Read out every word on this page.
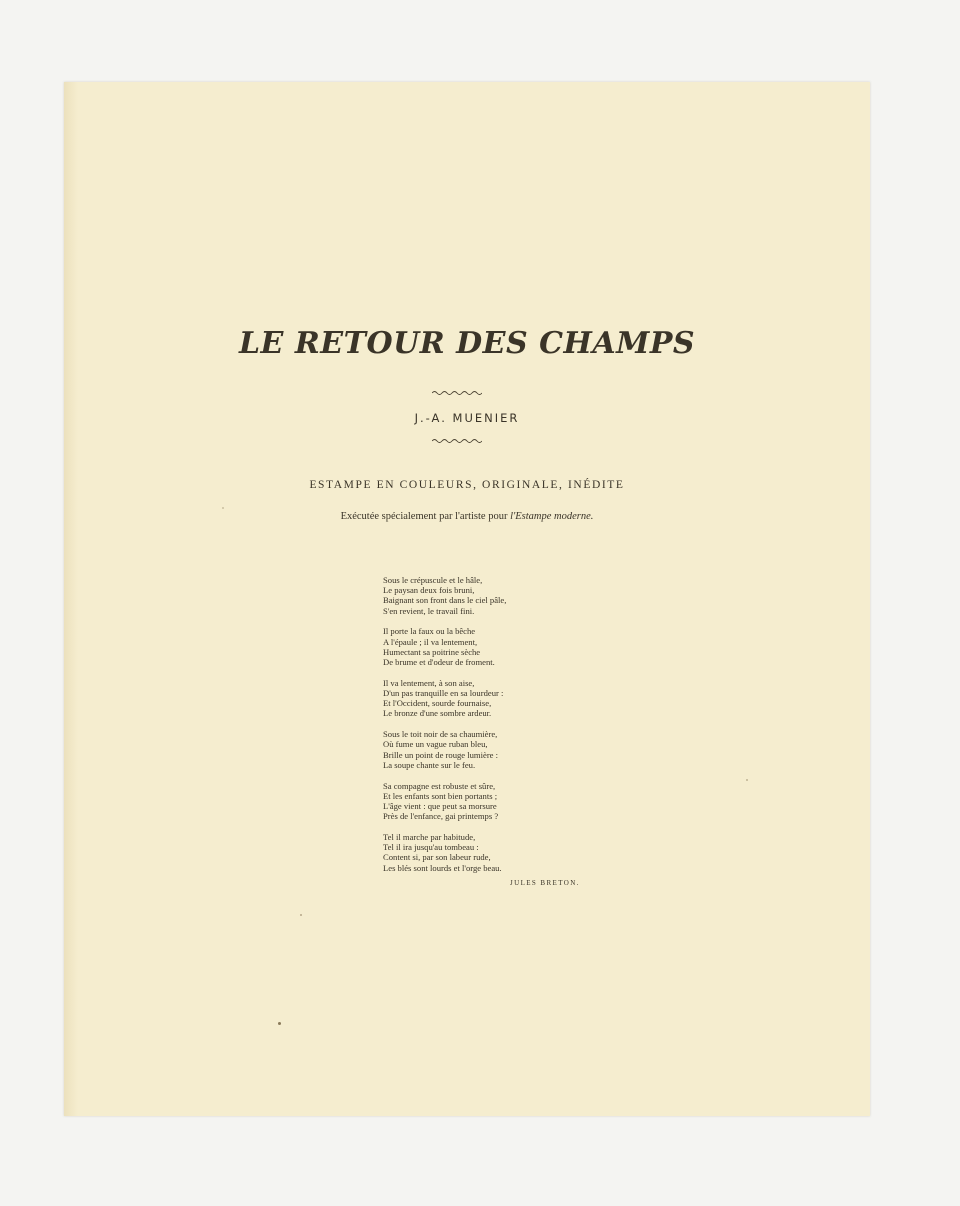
LE RETOUR DES CHAMPS
J.-A. MUENIER
ESTAMPE EN COULEURS, ORIGINALE, INÉDITE
Exécutée spécialement par l'artiste pour l'Estampe moderne.
Sous le crépuscule et le hâle,
Le paysan deux fois bruni,
Baignant son front dans le ciel pâle,
S'en revient, le travail fini.
Il porte la faux ou la bêche
A l'épaule ; il va lentement,
Humectant sa poitrine sèche
De brume et d'odeur de froment.
Il va lentement, à son aise,
D'un pas tranquille en sa lourdeur :
Et l'Occident, sourde fournaise,
Le bronze d'une sombre ardeur.
Sous le toit noir de sa chaumière,
Où fume un vague ruban bleu,
Brille un point de rouge lumière :
La soupe chante sur le feu.
Sa compagne est robuste et sûre,
Et les enfants sont bien portants ;
L'âge vient : que peut sa morsure
Près de l'enfance, gai printemps ?
Tel il marche par habitude,
Tel il ira jusqu'au tombeau :
Content si, par son labeur rude,
Les blés sont lourds et l'orge beau.
JULES BRETON.
